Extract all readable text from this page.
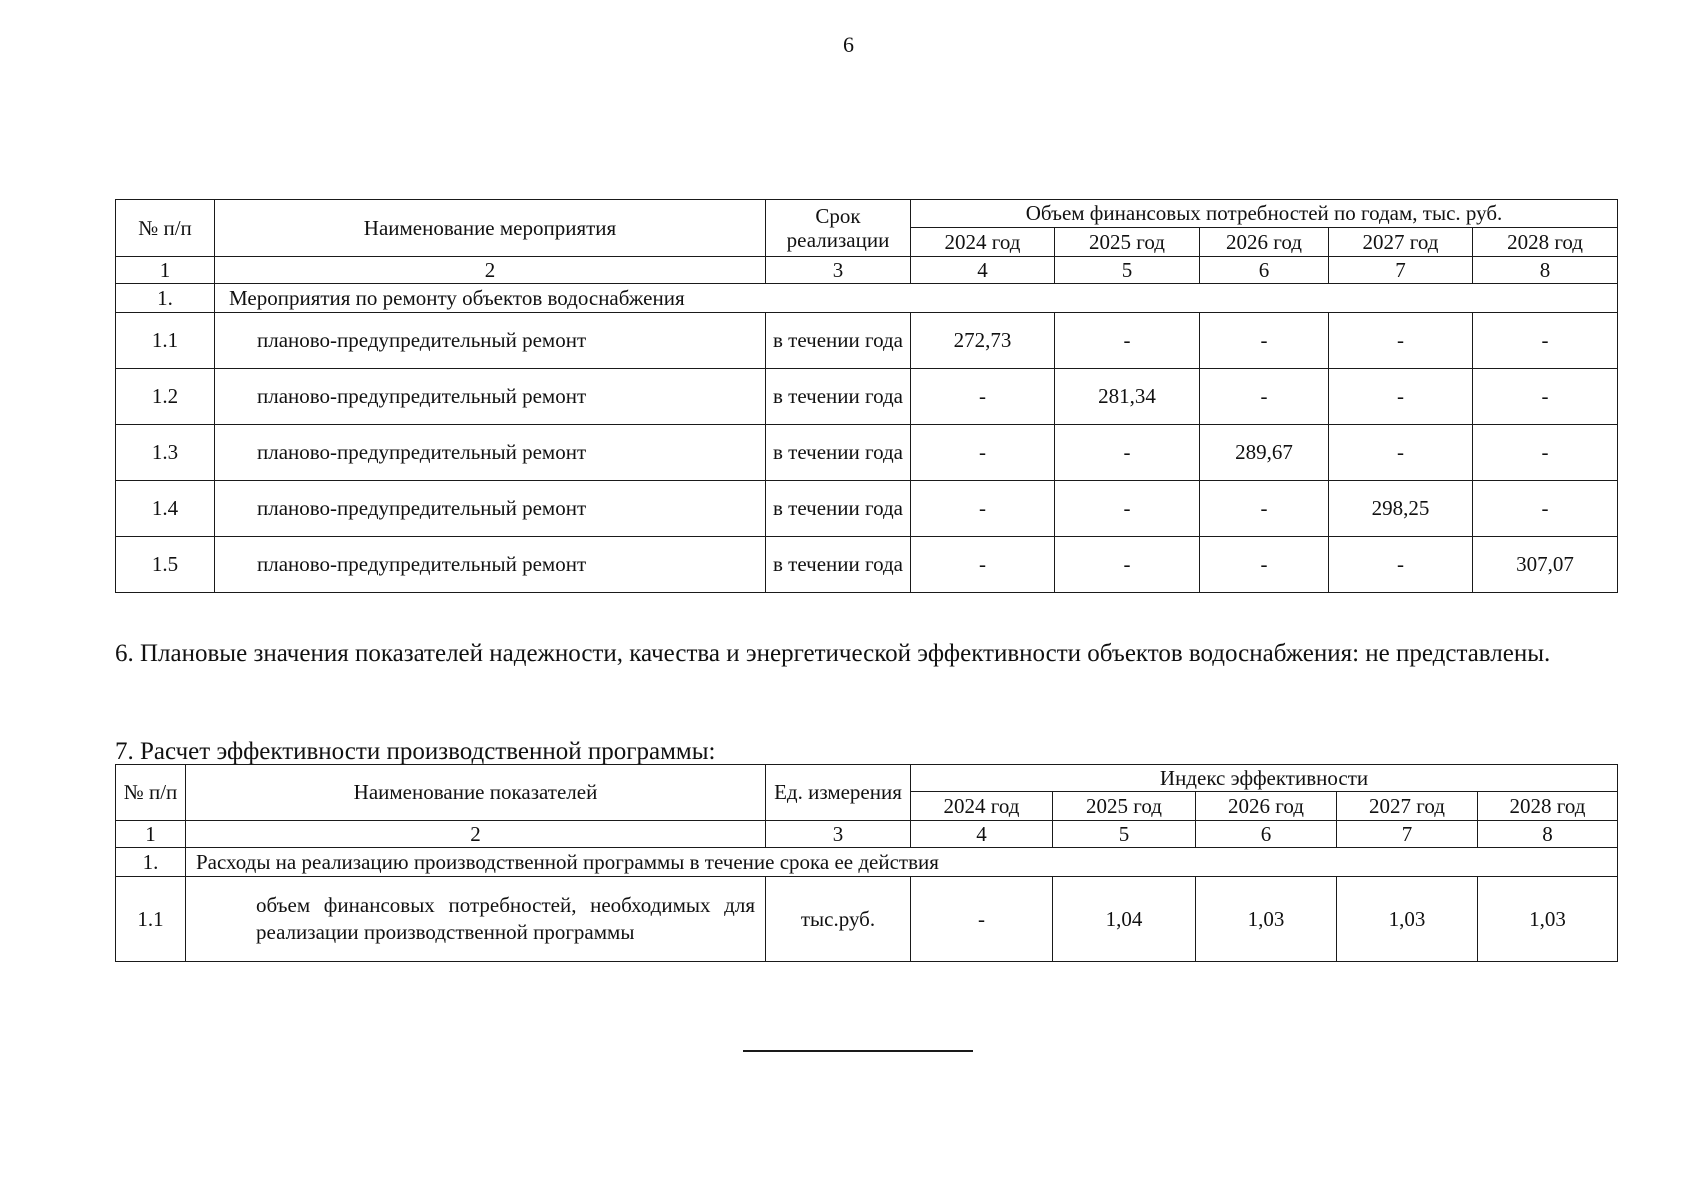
6
№ п/п	Наименование мероприятия	Срок реализации	Объем финансовых потребностей по годам, тыс. руб.				
			2024 год	2025 год	2026 год	2027 год	2028 год
1	2	3	4	5	6	7	8
1.	Мероприятия по ремонту объектов водоснабжения						
1.1	планово-предупредительный ремонт	в течении года	272,73	-	-	-	-
1.2	планово-предупредительный ремонт	в течении года	-	281,34	-	-	-
1.3	планово-предупредительный ремонт	в течении года	-	-	289,67	-	-
1.4	планово-предупредительный ремонт	в течении года	-	-	-	298,25	-
1.5	планово-предупредительный ремонт	в течении года	-	-	-	-	307,07
6. Плановые значения показателей надежности, качества и энергетической эффективности объектов водоснабжения: не представлены.
7. Расчет эффективности производственной программы:
№ п/п	Наименование показателей	Ед. измерения	Индекс эффективности				
			2024 год	2025 год	2026 год	2027 год	2028 год
1	2	3	4	5	6	7	8
1.	Расходы на реализацию производственной программы в течение срока ее действия						
1.1	объем финансовых потребностей, необходимых для реализации производственной программы	тыс.руб.	-	1,04	1,03	1,03	1,03
